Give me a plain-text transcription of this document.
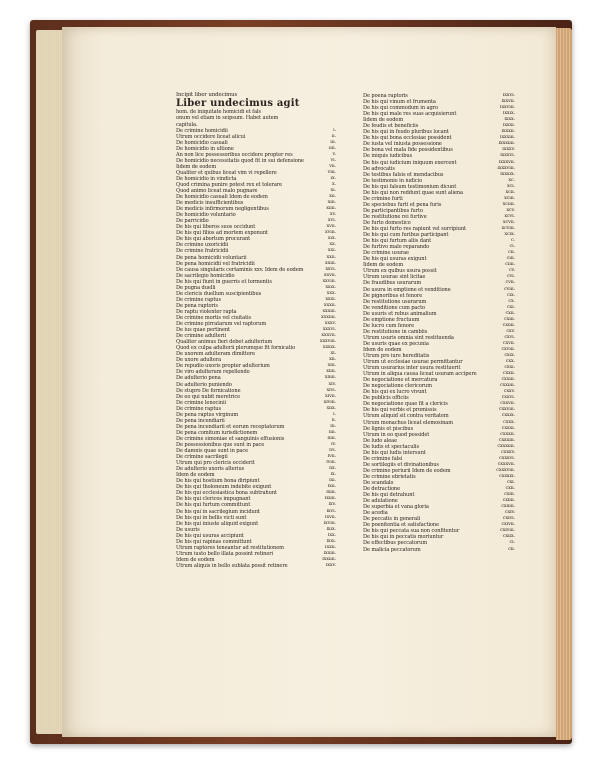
Incipit liber undecimus
Liber undecimus agit
hom. de iniquitate homicidi et fals
onum vel etiam in seipsum. Habet autem
capitula.
De crimine homicidii	i.
Utrum occidere liceat alicui	ii.
De homicidio casuali	iii.
De homicidio in ultione	iiii.
An non lice possessoribus occidere propter res	v.
De homicidio necessitatis quod fit in sui defensione	vi.
Iidem de eodem	vii.
Qualiter et quibus liceat vim vi repellere	viii.
De homicidio in vindicta	ix.
Quod crimina punire potest rex et tolerare	x.
Quod animo liceat malo pugnare	xi.
De homicidio casuali Idem de eodem	xii.
De medicis insufficientibus	xiii.
De medicis infirmorum negligentibus	xiiii.
De homicidio voluntario	xv.
De parricidio	xvi.
De his qui liberos suos occidunt	xvii.
De his qui filios ad mortem exponunt	xviii.
De his qui abortum procurant	xix.
De crimine uxoricidii	xx.
De crimine fratricidii	xxi.
De pena homicidii voluntarii	xxii.
De pena homicidii vel fratricidii	xxiii.
De causa singularis certaminis xxv. Idem de eodem	xxvi.
De sacrilegio homicidio	xxvii.
De his qui fiunt in guerris et tormentis	xxviii.
De pugna duelli	xxix.
De clericis duellum suscipientibus	xxx.
De crimine raptus	xxxi.
De pena raptoris	xxxii.
De raptu violenter rapta	xxxiii.
De crimine mortis vel ciuitatis	xxxiiii.
De crimine pirratarum vel raptorum	xxxv.
De ius quae pertinent	xxxvi.
De crimine adulterii	xxxvii.
Qualiter animus fieri debet adulterium	xxxviii.
Quod ex culpa adulterii plerumque fit fornicatio	xxxix.
De uxorem adulteram dimittere	xl.
De uxore adultera	xli.
De repudio uxoris propter adulterium	xlii.
De viro adulterum repellendo	xliii.
De adulterio pena	xliiii.
De adulterio puniendo	xlv.
De stupro De fornicatione	xlvi.
De eo qui nubit meretrice	xlvii.
De crimine lenocinii	xlviii.
De crimine raptus	xlix.
De pena raptus virginum	l.
De pena incendiarii	li.
De pena incendiarii et eorum receptatorum	lii.
De pena comitum iurisdictionem	liii.
De crimine simoniae et sanguinis effusionis	liiii.
De possessionibus que sunt in pace	lv.
De damnis quae sunt in pace	lvi.
De crimine sacrilegii	lvii.
Utrum qui pro clericis occiderit	lviii.
De adulterio uxoris alterius	lix.
Idem de eodem	lx.
De his qui hostium bona diripiunt	lxi.
De his qui tholoneum indebite exigunt	lxii.
De his qui ecclesiastica bona subtrahunt	lxiii.
De his qui clericos impugnant	lxiiii.
De his qui furtum committunt	lxv.
De his qui in sacrilegium incidunt	lxvi.
De his qui in bellis victi sunt	lxvii.
De his qui iniuste aliquid exigunt	lxviii.
De usuris	lxix.
De his qui usuras accipiunt	lxx.
De his qui rapinas committunt	lxxi.
Utrum raptores teneantur ad restitutionem	lxxii.
Utrum iusto bello illata possint retineri	lxxiii.
Idem de eodem	lxxiiii.
Utrum aliquis in bello sublata possit retinere	lxxv.
De poena raptoris	lxxvi.
De his qui vinum et frumenta	lxxvii.
De his qui commodum in agro	lxxviii.
De his qui male res suas acquisierunt	lxxix.
Iidem de eodem	lxxx.
De feudis et beneficiis	lxxxi.
De his qui in feudo pluribus locant	lxxxii.
De his qui bona ecclesiae possident	lxxxiii.
De iusta vel iniusta possessione	lxxxiiii.
De bona vel mala fide possidentibus	lxxxv.
De iniquis iudicibus	lxxxvi.
De his qui iudicium iniquum exercent	lxxxvii.
De advocatis	lxxxviii.
De testibus falsis et mendacibus	lxxxix.
De testimonio in iudicio	xc.
De his qui falsum testimonium dicunt	xci.
De his qui non reddunt quae sunt aliena	xcii.
De crimine furti	xciii.
De speciebus furti et pena furis	xciiii.
De participantibus furto	xcv.
De restitutione rei furtive	xcvi.
De furto domestico	xcvii.
De his qui furto res rapiunt vel surripiunt	xcviii.
De his qui cum furibus participant	xcix.
De his qui furtum aliis dant	c.
De furtivo malo reparando	ci.
De crimine usurae	cii.
De his qui usuras exigunt	ciii.
Iidem de eodem	ciiii.
Utrum ex quibus usura possit	cv.
Utrum usurae sint licitae	cvi.
De fraudibus usurarum	cvii.
De usura in emptione et venditione	cviii.
De pignoribus et fenore	cix.
De restitutione usurarum	cx.
De venditione cum pacto	cxi.
De usuris et rebus animalium	cxii.
De emptione fructuum	cxiii.
De lucro cum fenore	cxiiii.
De restitutione in cambiis	cxv.
Utrum usuris omnia sint restituenda	cxvi.
De usuris quae ex pecunia	cxvii.
Idem de eodem	cxviii.
Utrum pro iure hereditatis	cxix.
Utrum ut ecclesiae usurae permittantur	cxx.
Utrum usurarius inter usura restituerit	cxxi.
Utrum in aliqua causa liceat usuram accipere	cxxii.
De negociatione et mercatura	cxxiii.
De negociatione clericorum	cxxiiii.
De his qui ex lucro vivunt	cxxv.
De publicis officiis	cxxvi.
De negociatione quae fit a clericis	cxxvii.
De his qui verbis et promissis	cxxviii.
Utrum aliquid sit contra veritatem	cxxix.
Utrum monachus liceat elemosinam	cxxx.
De lignis et piscibus	cxxxi.
Utrum in eo quod possidet	cxxxii.
De ludo aleae	cxxxiii.
De ludis et spectaculis	cxxxiiii.
De his qui ludis intersunt	cxxxv.
De crimine falsi	cxxxvi.
De sortilegiis et divinationibus	cxxxvii.
De crimine periurii Idem de eodem	cxxxviii.
De crimine ebrietatis	cxxxix.
De scandalo	cxl.
De detractione	cxli.
De his qui detrahunt	cxlii.
De adulatione	cxliii.
De superbia et vana gloria	cxliiii.
De acedia	cxlv.
De peccatis in generali	cxlvi.
De poenitentia et satisfactione	cxlvii.
De his qui peccata sua non confitentur	cxlviii.
De his qui in peccatis moriuntur	cxlix.
De effectibus peccatorum	cl.
De malicia peccatorum	cli.
